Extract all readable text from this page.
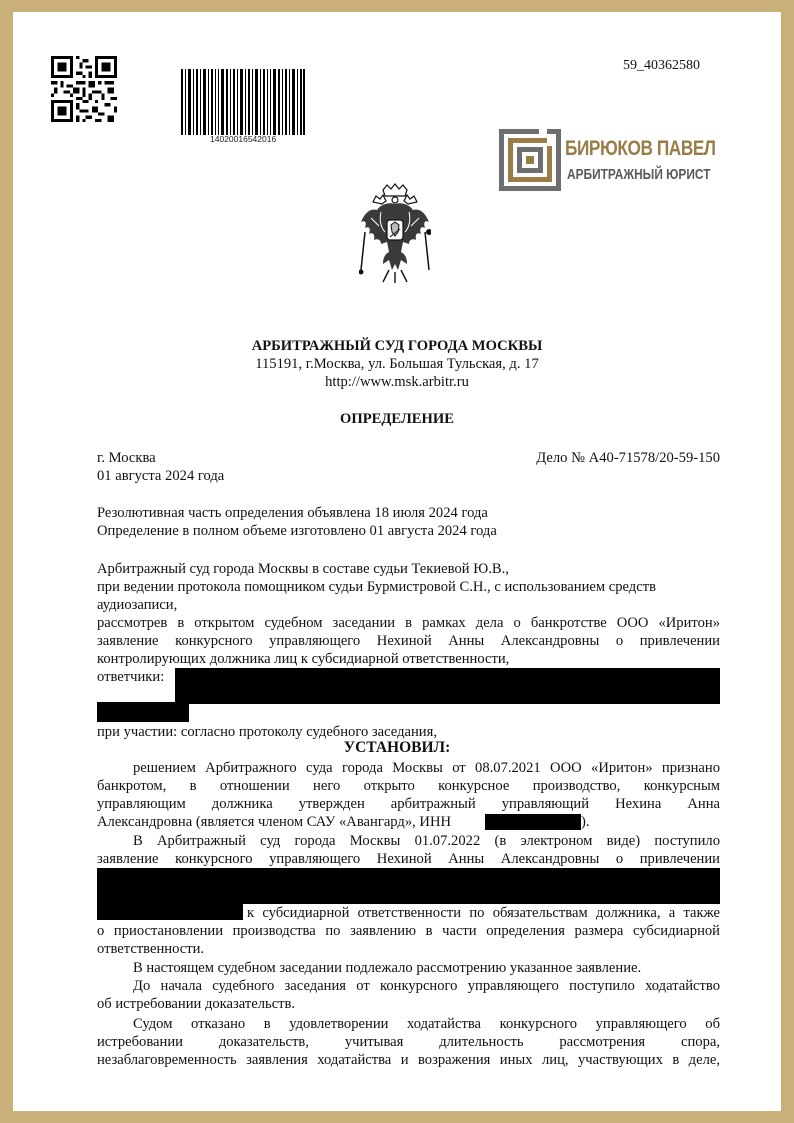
59_40362580
14020016542016	БИРЮКОВ ПАВЕЛ
АРБИТРАЖНЫЙ ЮРИСТ
АРБИТРАЖНЫЙ СУД ГОРОДА МОСКВЫ
115191, г.Москва, ул. Большая Тульская, д. 17
http://www.msk.arbitr.ru
ОПРЕДЕЛЕНИЕ
г. Москва	Дело № А40-71578/20-59-150
01 августа 2024 года
Резолютивная часть определения объявлена 18 июля 2024 года
Определение в полном объеме изготовлено 01 августа 2024 года
Арбитражный суд города Москвы в составе судьи Текиевой Ю.В.,
при ведении протокола помощником судьи Бурмистровой С.Н., с использованием средств
аудиозаписи,
рассмотрев в открытом судебном заседании в рамках дела о банкротстве ООО «Иритон»
заявление конкурсного управляющего Нехиной Анны Александровны о привлечении
контролирующих должника лиц к субсидиарной ответственности,
ответчики:
при участии: согласно протоколу судебного заседания,
УСТАНОВИЛ:
решением Арбитражного суда города Москвы от 08.07.2021 ООО «Иритон» признано
банкротом, в отношении него открыто конкурсное производство, конкурсным
управляющим должника утвержден арбитражный управляющий Нехина Анна
Александровна (является членом САУ «Авангард», ИНН	).
В Арбитражный суд города Москвы 01.07.2022 (в электроном виде) поступило
заявление конкурсного управляющего Нехиной Анны Александровны о привлечении
к субсидиарной ответственности по обязательствам должника, а также
о приостановлении производства по заявлению в части определения размера субсидиарной
ответственности.
В настоящем судебном заседании подлежало рассмотрению указанное заявление.
До начала судебного заседания от конкурсного управляющего поступило ходатайство
об истребовании доказательств.
Судом отказано в удовлетворении ходатайства конкурсного управляющего об
истребовании доказательств, учитывая длительность рассмотрения спора,
незаблаговременность заявления ходатайства и возражения иных лиц, участвующих в деле,
